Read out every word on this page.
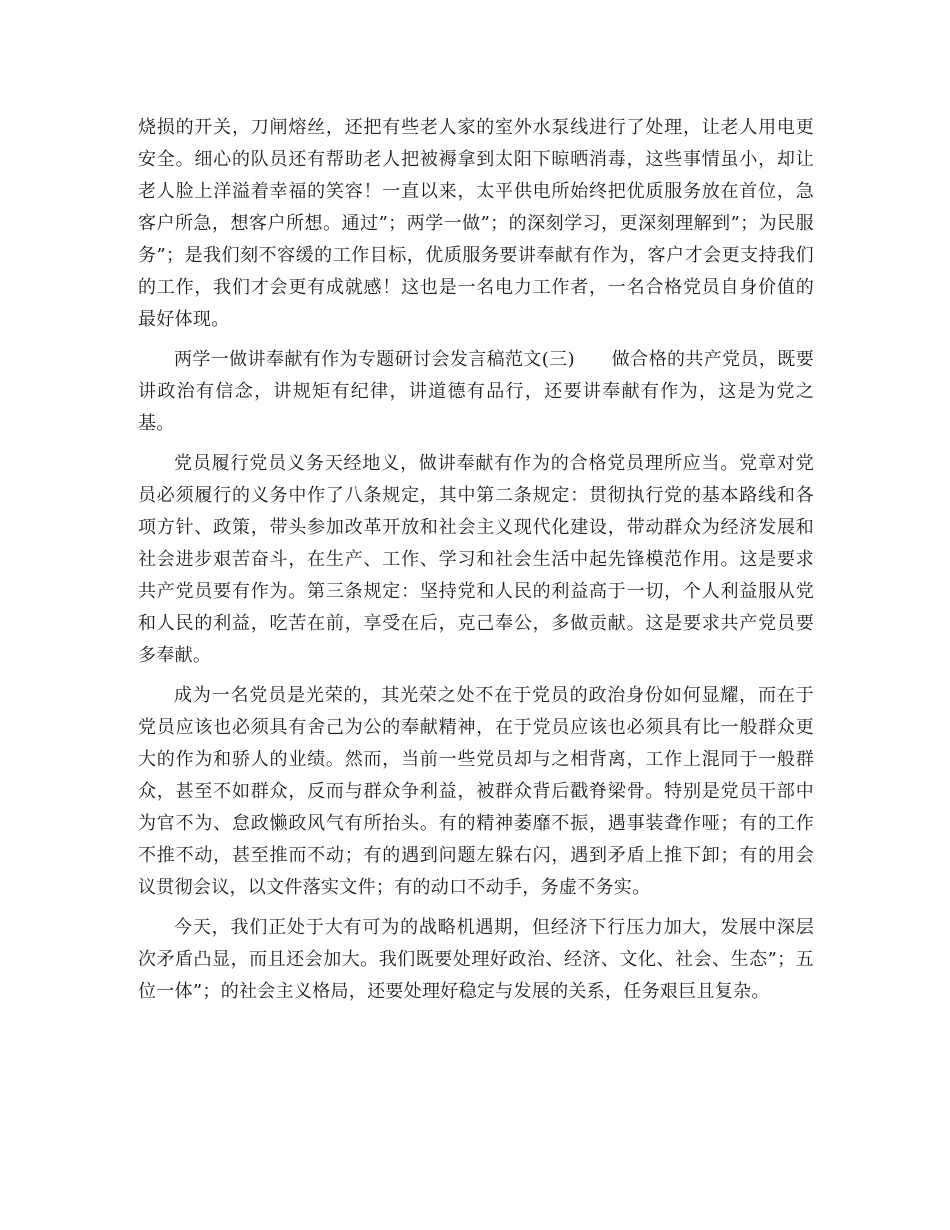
烧损的开关，刀闸熔丝，还把有些老人家的室外水泵线进行了处理，让老人用电更安全。细心的队员还有帮助老人把被褥拿到太阳下晾晒消毒，这些事情虽小，却让老人脸上洋溢着幸福的笑容！一直以来，太平供电所始终把优质服务放在首位，急客户所急，想客户所想。通过”；两学一做”；的深刻学习，更深刻理解到”；为民服务”；是我们刻不容缓的工作目标，优质服务要讲奉献有作为，客户才会更支持我们的工作，我们才会更有成就感！这也是一名电力工作者，一名合格党员自身价值的最好体现。

两学一做讲奉献有作为专题研讨会发言稿范文(三)　　做合格的共产党员，既要讲政治有信念，讲规矩有纪律，讲道德有品行，还要讲奉献有作为，这是为党之基。

党员履行党员义务天经地义，做讲奉献有作为的合格党员理所应当。党章对党员必须履行的义务中作了八条规定，其中第二条规定：贯彻执行党的基本路线和各项方针、政策，带头参加改革开放和社会主义现代化建设，带动群众为经济发展和社会进步艰苦奋斗，在生产、工作、学习和社会生活中起先锋模范作用。这是要求共产党员要有作为。第三条规定：坚持党和人民的利益高于一切，个人利益服从党和人民的利益，吃苦在前，享受在后，克己奉公，多做贡献。这是要求共产党员要多奉献。

成为一名党员是光荣的，其光荣之处不在于党员的政治身份如何显耀，而在于党员应该也必须具有舍己为公的奉献精神，在于党员应该也必须具有比一般群众更大的作为和骄人的业绩。然而，当前一些党员却与之相背离，工作上混同于一般群众，甚至不如群众，反而与群众争利益，被群众背后戳脊梁骨。特别是党员干部中为官不为、怠政懒政风气有所抬头。有的精神萎靡不振，遇事装聋作哑；有的工作不推不动，甚至推而不动；有的遇到问题左躲右闪，遇到矛盾上推下卸；有的用会议贯彻会议，以文件落实文件；有的动口不动手，务虚不务实。

今天，我们正处于大有可为的战略机遇期，但经济下行压力加大，发展中深层次矛盾凸显，而且还会加大。我们既要处理好政治、经济、文化、社会、生态”；五位一体”；的社会主义格局，还要处理好稳定与发展的关系，任务艰巨且复杂。
